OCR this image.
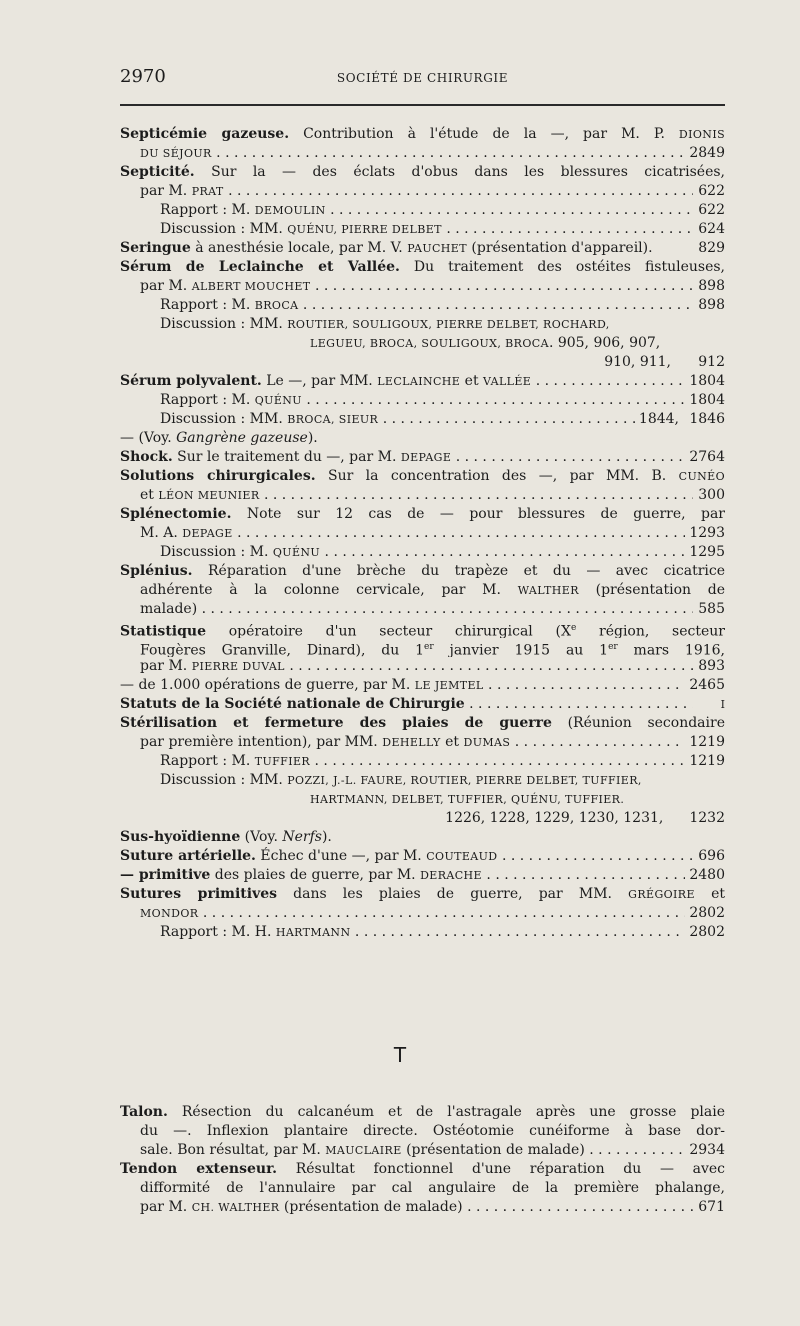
2970	SOCIÉTÉ DE CHIRURGIE
Septicémie gazeuse. Contribution à l'étude de la —, par M. P. DIONIS
DU SÉJOUR . . .	2849
Septicité. Sur la — des éclats d'obus dans les blessures cicatrisées,
par M. PRAT . . .	622
Rapport : M. DEMOULIN . . .	622
Discussion : MM. QUÉNU, PIERRE DELBET . . .	624
Seringue à anesthésie locale, par M. V. PAUCHET (présentation d'appareil).	829
Sérum de Leclainche et Vallée. Du traitement des ostéites fistuleuses,
par M. ALBERT MOUCHET . . .	898
Rapport : M. BROCA . . .	898
Discussion : MM. ROUTIER, SOULIGOUX, PIERRE DELBET, ROCHARD,
LEGUEU, BROCA, SOULIGOUX, BROCA. 905, 906, 907,
910, 911,	912
Sérum polyvalent. Le —, par MM. LECLAINCHE et VALLÉE . . .	1804
Rapport : M. QUÉNU . . .	1804
Discussion : MM. BROCA, SIEUR . . .	1844, 1846
— (Voy. Gangrène gazeuse).
Shock. Sur le traitement du —, par M. DEPAGE . . .	2764
Solutions chirurgicales. Sur la concentration des —, par MM. B. CUNÉO
et LÉON MEUNIER . . .	300
Splénectomie. Note sur 12 cas de — pour blessures de guerre, par
M. A. DEPAGE . . .	1293
Discussion : M. QUÉNU . . .	1295
Splénius. Réparation d'une brèche du trapèze et du — avec cicatrice
adhérente à la colonne cervicale, par M. WALTHER (présentation de
malade) . . .	585
Statistique opératoire d'un secteur chirurgical (Xe région, secteur
Fougères Granville, Dinard), du 1er janvier 1915 au 1er mars 1916,
par M. PIERRE DUVAL . . .	893
— de 1.000 opérations de guerre, par M. LE JEMTEL . . .	2465
Statuts de la Société nationale de Chirurgie . . .	I
Stérilisation et fermeture des plaies de guerre (Réunion secondaire
par première intention), par MM. DEHELLY et DUMAS . . .	1219
Rapport : M. TUFFIER . . .	1219
Discussion : MM. POZZI, J.-L. FAURE, ROUTIER, PIERRE DELBET, TUFFIER,
HARTMANN, DELBET, TUFFIER, QUÉNU, TUFFIER.
1226, 1228, 1229, 1230, 1231,	1232
Sus-hyoïdienne (Voy. Nerfs).
Suture artérielle. Échec d'une —, par M. COUTEAUD . . .	696
— primitive des plaies de guerre, par M. DERACHE . . .	2480
Sutures primitives dans les plaies de guerre, par MM. GRÉGOIRE et
MONDOR . . .	2802
Rapport : M. H. HARTMANN . . .	2802
T
Talon. Résection du calcanéum et de l'astragale après une grosse plaie
du —. Inflexion plantaire directe. Ostéotomie cunéiforme à base dor-
sale. Bon résultat, par M. MAUCLAIRE (présentation de malade) . . .	2934
Tendon extenseur. Résultat fonctionnel d'une réparation du — avec
difformité de l'annulaire par cal angulaire de la première phalange,
par M. CH. WALTHER (présentation de malade) . . .	671
